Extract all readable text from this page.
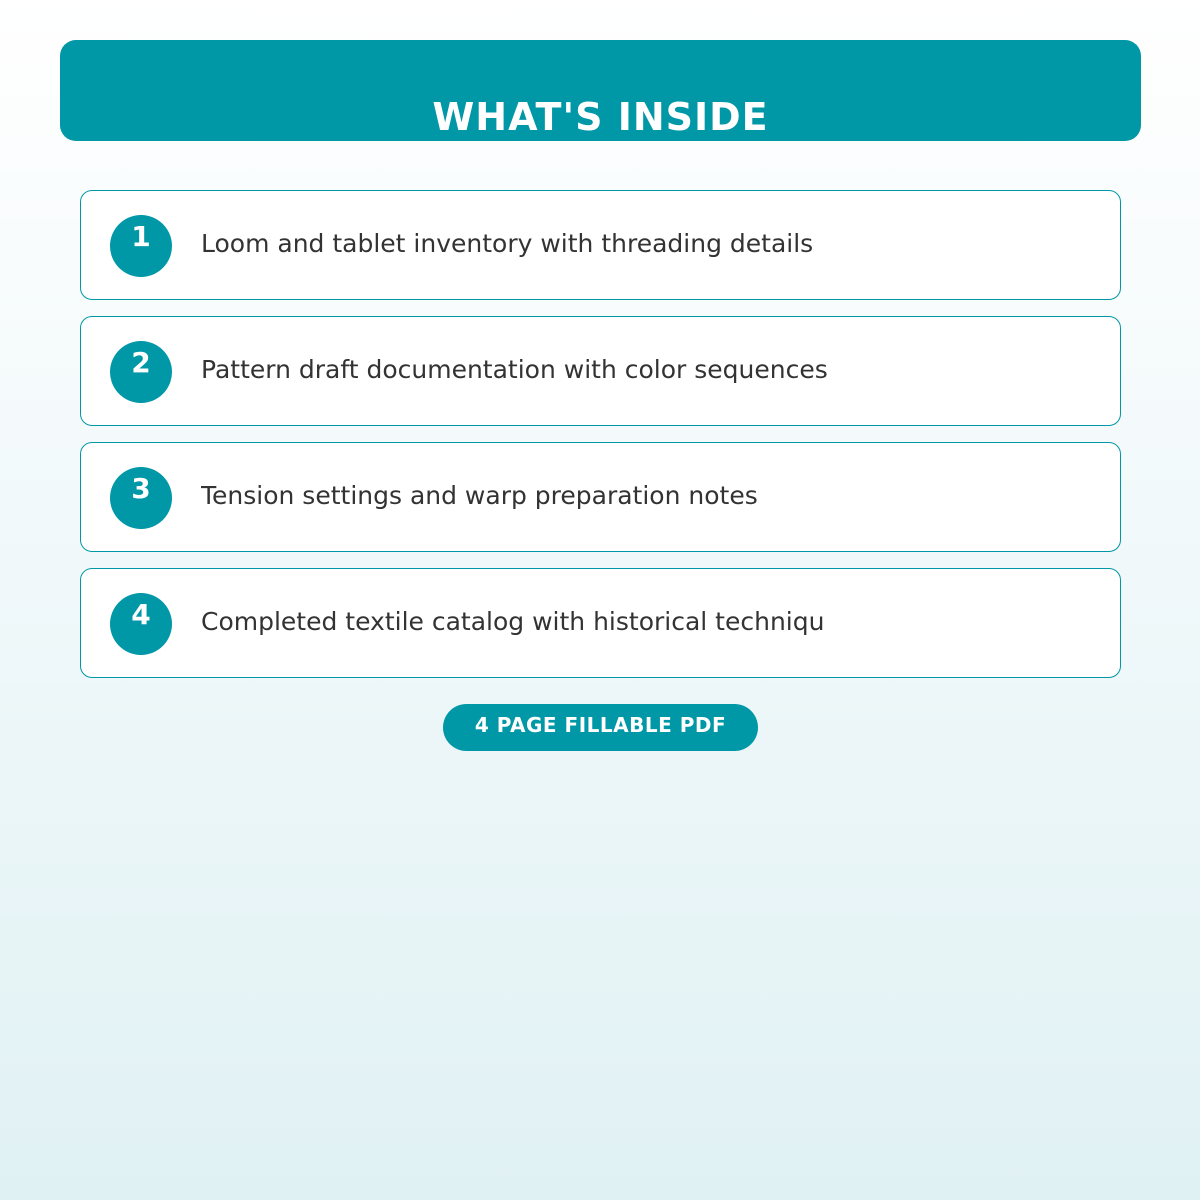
WHAT'S INSIDE
1	Loom and tablet inventory with threading details
2	Pattern draft documentation with color sequences
3	Tension settings and warp preparation notes
4	Completed textile catalog with historical techniqu
4 PAGE FILLABLE PDF
